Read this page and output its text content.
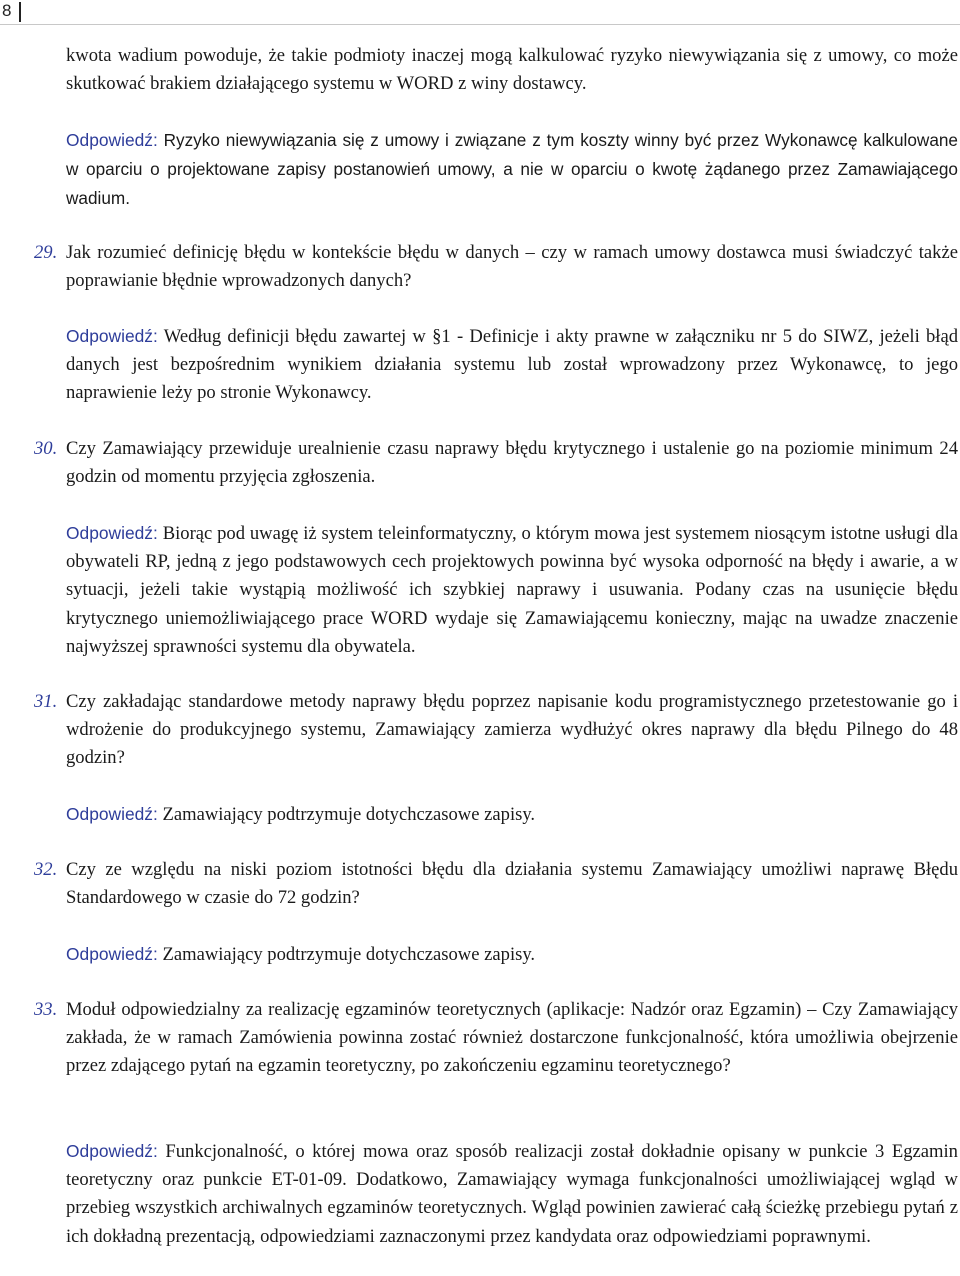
8

kwota wadium powoduje, że takie podmioty inaczej mogą kalkulować ryzyko niewywiązania się z umowy, co może skutkować brakiem działającego systemu w WORD z winy dostawcy.

Odpowiedź: Ryzyko niewywiązania się z umowy i związane z tym koszty winny być przez Wykonawcę kalkulowane w oparciu o projektowane zapisy postanowień umowy, a nie w oparciu o kwotę żądanego przez Zamawiającego wadium.

29. Jak rozumieć definicję błędu w kontekście błędu w danych – czy w ramach umowy dostawca musi świadczyć także poprawianie błędnie wprowadzonych danych?

Odpowiedź: Według definicji błędu zawartej w §1 - Definicje i akty prawne w załączniku nr 5 do SIWZ, jeżeli błąd danych jest bezpośrednim wynikiem działania systemu lub został wprowadzony przez Wykonawcę, to jego naprawienie leży po stronie Wykonawcy.

30. Czy Zamawiający przewiduje urealnienie czasu naprawy błędu krytycznego i ustalenie go na poziomie minimum 24 godzin od momentu przyjęcia zgłoszenia.

Odpowiedź: Biorąc pod uwagę iż system teleinformatyczny, o którym mowa jest systemem niosącym istotne usługi dla obywateli RP, jedną z jego podstawowych cech projektowych powinna być wysoka odporność na błędy i awarie, a w sytuacji, jeżeli takie wystąpią możliwość ich szybkiej naprawy i usuwania. Podany czas na usunięcie błędu krytycznego uniemożliwiającego prace WORD wydaje się Zamawiającemu konieczny, mając na uwadze znaczenie najwyższej sprawności systemu dla obywatela.

31. Czy zakładając standardowe metody naprawy błędu poprzez napisanie kodu programistycznego przetestowanie go i wdrożenie do produkcyjnego systemu, Zamawiający zamierza wydłużyć okres naprawy dla błędu Pilnego do 48 godzin?

Odpowiedź: Zamawiający podtrzymuje dotychczasowe zapisy.

32. Czy ze względu na niski poziom istotności błędu dla działania systemu Zamawiający umożliwi naprawę Błędu Standardowego w czasie do 72 godzin?

Odpowiedź: Zamawiający podtrzymuje dotychczasowe zapisy.

33. Moduł odpowiedzialny za realizację egzaminów teoretycznych (aplikacje: Nadzór oraz Egzamin) – Czy Zamawiający zakłada, że w ramach Zamówienia powinna zostać również dostarczone funkcjonalność, która umożliwia obejrzenie przez zdającego pytań na egzamin teoretyczny, po zakończeniu egzaminu teoretycznego?

Odpowiedź: Funkcjonalność, o której mowa oraz sposób realizacji został dokładnie opisany w punkcie 3 Egzamin teoretyczny oraz punkcie ET-01-09. Dodatkowo, Zamawiający wymaga funkcjonalności umożliwiającej wgląd w przebieg wszystkich archiwalnych egzaminów teoretycznych. Wgląd powinien zawierać całą ścieżkę przebiegu pytań z ich dokładną prezentacją, odpowiedziami zaznaczonymi przez kandydata oraz odpowiedziami poprawnymi.
